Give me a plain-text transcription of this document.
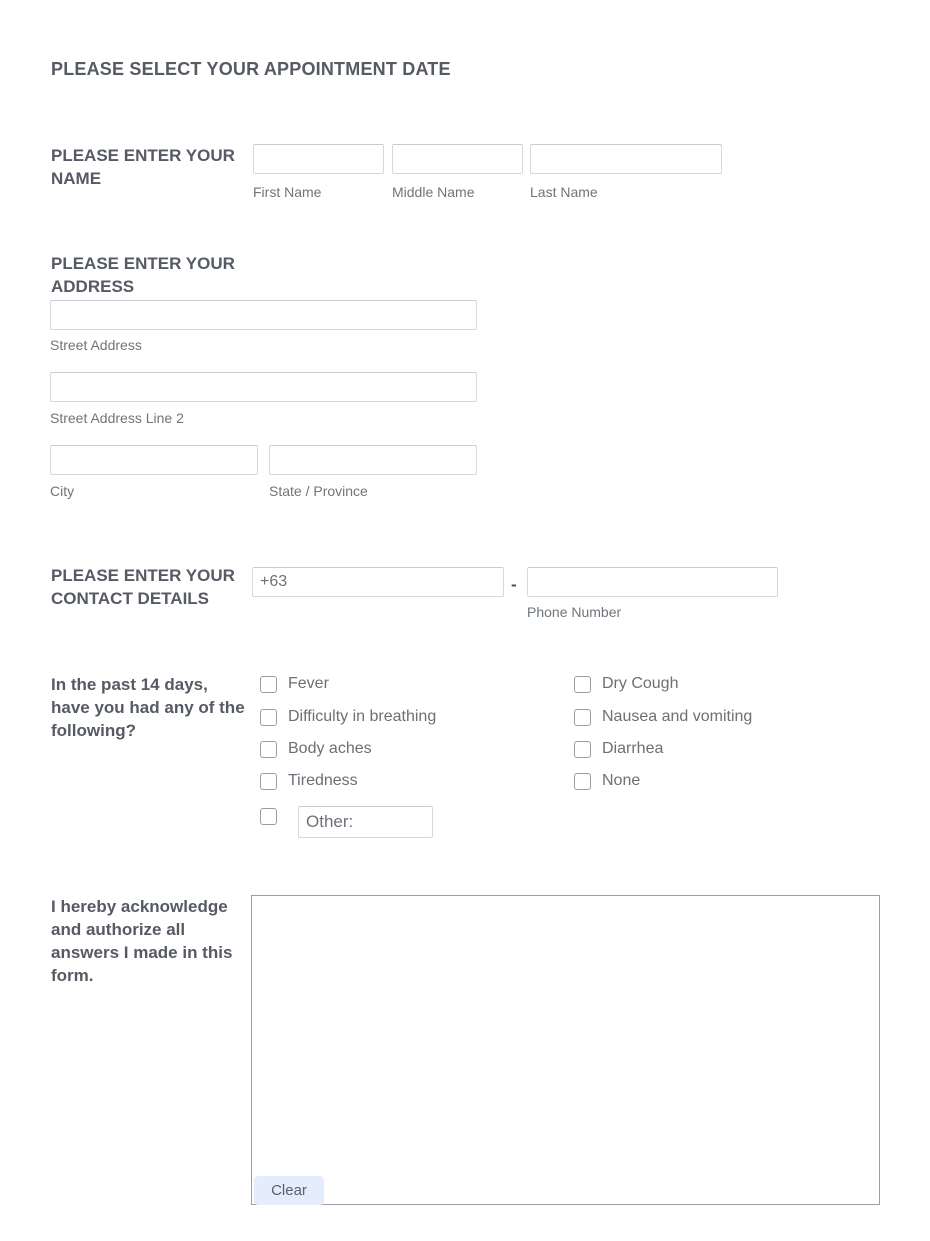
PLEASE SELECT YOUR APPOINTMENT DATE
PLEASE ENTER YOUR NAME
First Name	Middle Name	Last Name
PLEASE ENTER YOUR ADDRESS
Street Address
Street Address Line 2
City	State / Province
PLEASE ENTER YOUR CONTACT DETAILS
+63
-
Phone Number
In the past 14 days, have you had any of the following?
Fever
Difficulty in breathing
Body aches
Tiredness
Dry Cough
Nausea and vomiting
Diarrhea
None
Other:
I hereby acknowledge and authorize all answers I made in this form.
Clear
